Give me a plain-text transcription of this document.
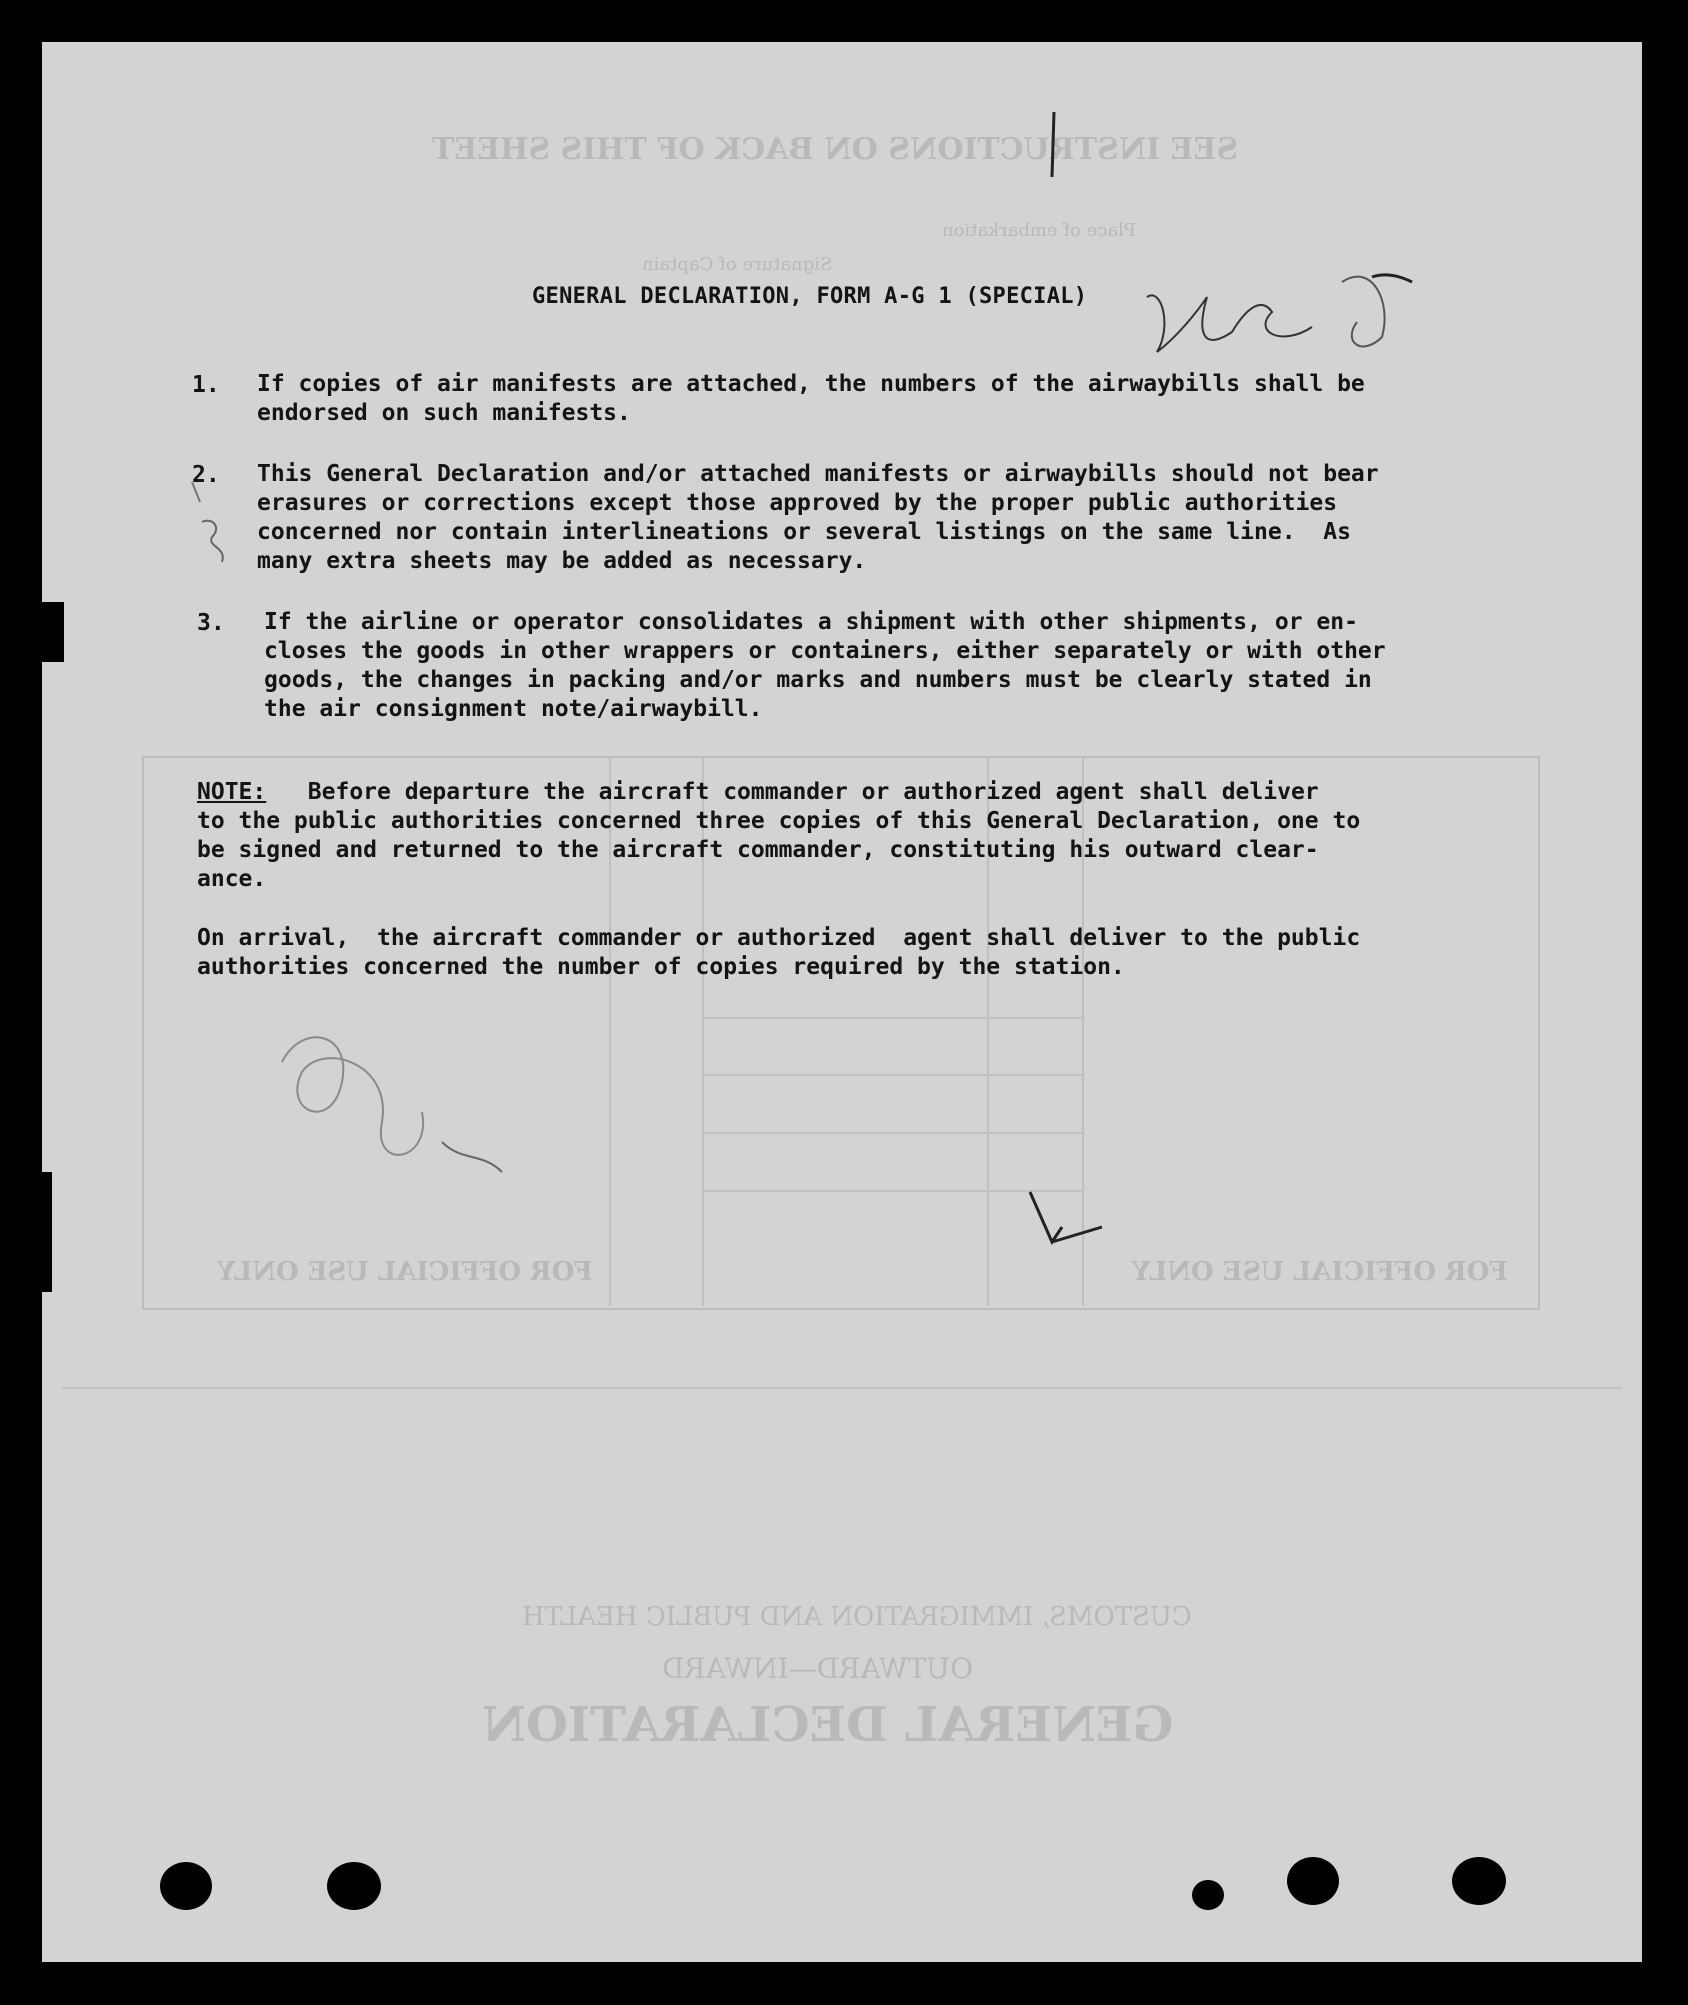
SEE INSTRUCTIONS ON BACK OF THIS SHEET
Place of embarkation
Signature of Captain
FOR OFFICIAL USE ONLY	FOR OFFICIAL USE ONLY
CUSTOMS, IMMIGRATION AND PUBLIC HEALTH
OUTWARD—INWARD
GENERAL DECLARATION
GENERAL DECLARATION, FORM A-G 1 (SPECIAL)
1. If copies of air manifests are attached, the numbers of the airwaybills shall be
endorsed on such manifests.
2. This General Declaration and/or attached manifests or airwaybills should not bear
erasures or corrections except those approved by the proper public authorities
concerned nor contain interlineations or several listings on the same line.  As
many extra sheets may be added as necessary.
3. If the airline or operator consolidates a shipment with other shipments, or en-
closes the goods in other wrappers or containers, either separately or with other
goods, the changes in packing and/or marks and numbers must be clearly stated in
the air consignment note/airwaybill.
NOTE:   Before departure the aircraft commander or authorized agent shall deliver
to the public authorities concerned three copies of this General Declaration, one to
be signed and returned to the aircraft commander, constituting his outward clear-
ance.
On arrival,  the aircraft commander or authorized  agent shall deliver to the public
authorities concerned the number of copies required by the station.
